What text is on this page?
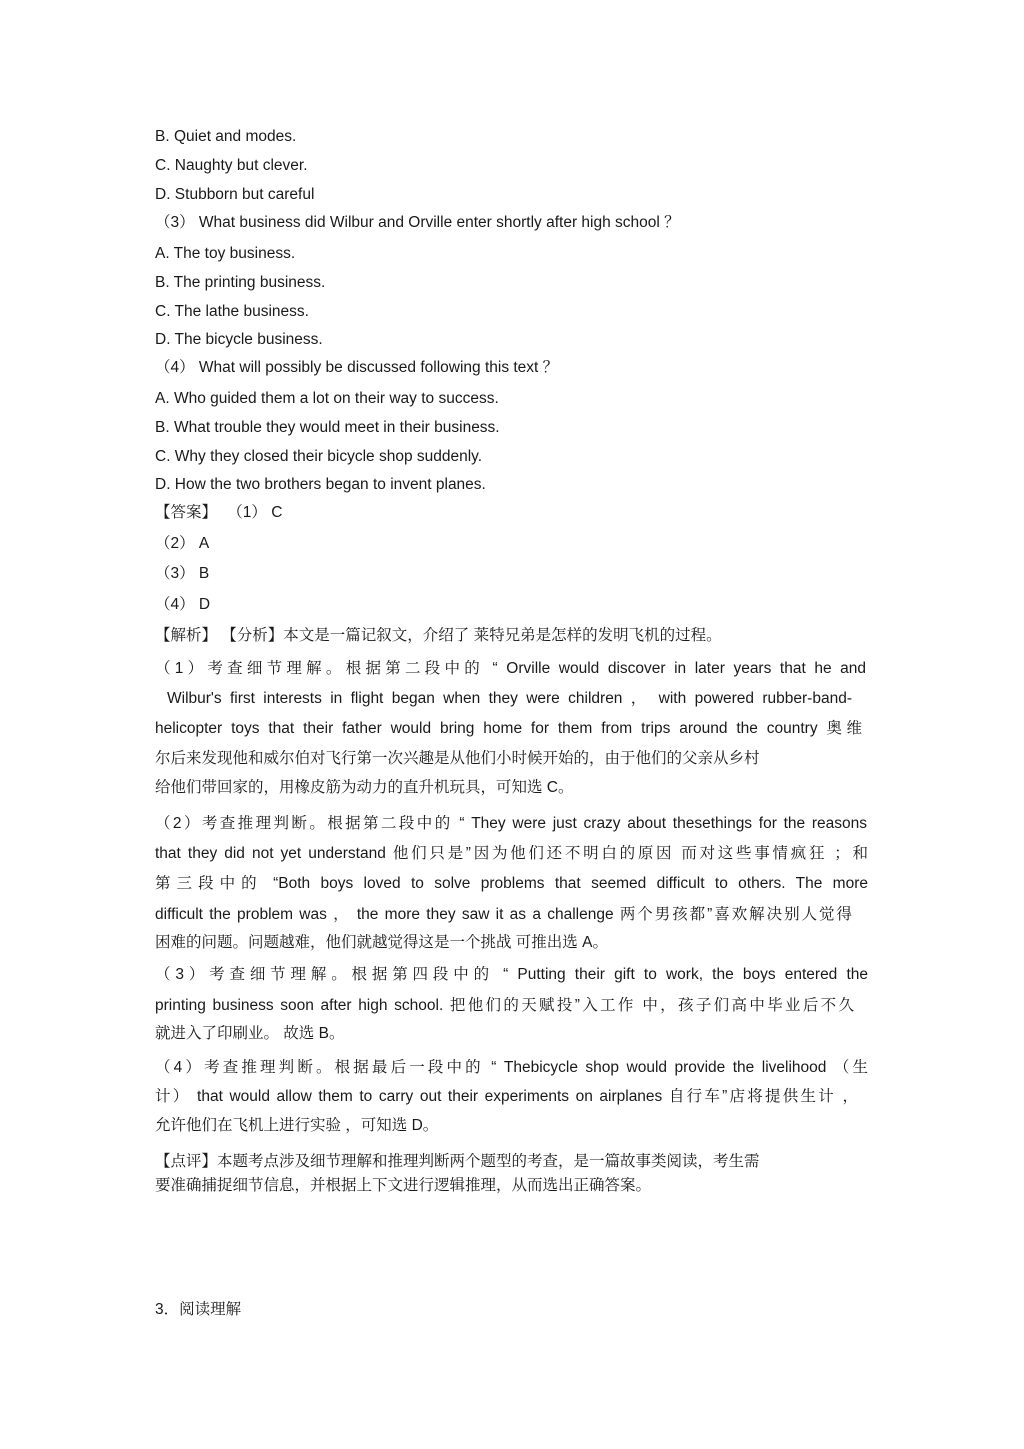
B. Quiet and modes.
C. Naughty but clever.
D. Stubborn but careful
（3） What business did Wilbur and Orville enter shortly after high school ？
A. The toy business.
B. The printing business.
C. The lathe business.
D. The bicycle business.
（4） What will possibly be discussed following this text ？
A. Who guided them a lot on their way to success.
B. What trouble they would meet in their business.
C. Why they closed their bicycle shop suddenly.
D. How the two brothers began to invent planes.
【答案】 （1） C
（2） A
（3） B
（4） D
【解析】 【分析】本文是一篇记叙文，介绍了 莱特兄弟是怎样的发明飞机的过程。
（1）考查细节理解。根据第二段中的 “ Orville would discover in later years that he and
Wilbur's first interests in flight began when they were children ， with powered rubber-band-
helicopter toys that their father would bring home for them from trips around the country 奥维
尔后来发现他和威尔伯对飞行第一次兴趣是从他们小时候开始的，由于他们的父亲从乡村
给他们带回家的，用橡皮筋为动力的直升机玩具，可知选 C。
（2）考查推理判断。根据第二段中的 “ They were just crazy about thesethings for the reasons
that they did not yet understand 他们只是”因为他们还不明白的原因 而对这些事情疯狂 ；和
第三段中的 “Both boys loved to solve problems that seemed difficult to others. The more
difficult the problem was ， the more they saw it as a challenge 两个男孩都”喜欢解决别人觉得
困难的问题。问题越难，他们就越觉得这是一个挑战 可推出选 A。
（3）考查细节理解。根据第四段中的 “ Putting their gift to work, the boys entered the
printing business soon after high school. 把他们的天赋投”入工作 中，孩子们高中毕业后不久
就进入了印刷业。 故选 B。
（4）考查推理判断。根据最后一段中的 “ Thebicycle shop would provide the livelihood （生
计） that would allow them to carry out their experiments on airplanes 自行车”店将提供生计 ，
允许他们在飞机上进行实验 ，可知选 D。
【点评】本题考点涉及细节理解和推理判断两个题型的考查，是一篇故事类阅读，考生需
要准确捕捉细节信息，并根据上下文进行逻辑推理，从而选出正确答案。
3．阅读理解
